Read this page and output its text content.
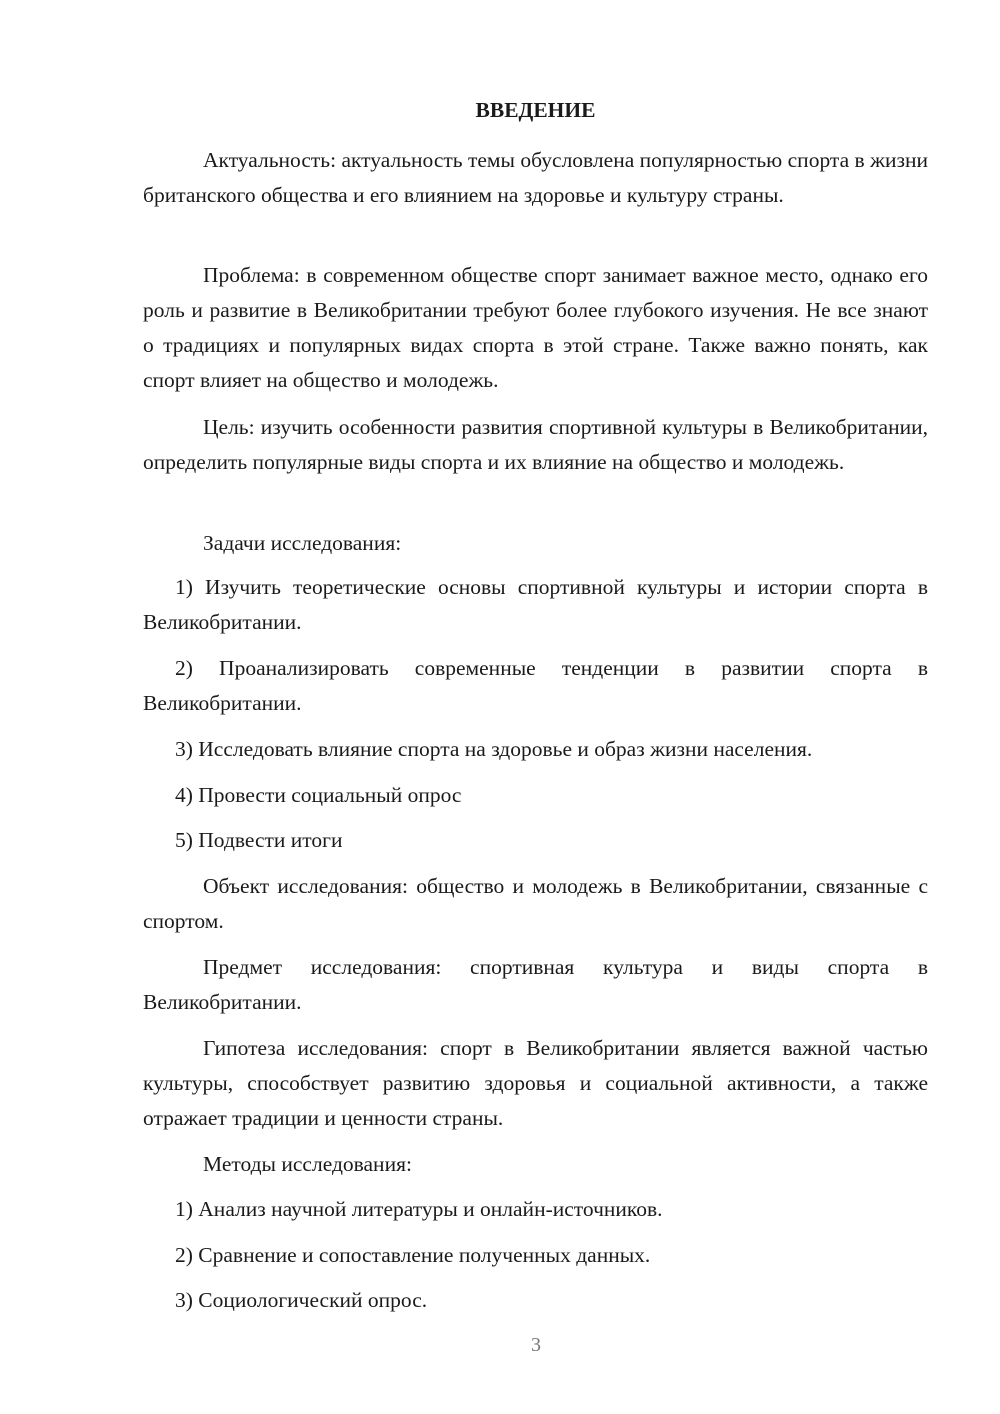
ВВЕДЕНИЕ

Актуальность: актуальность темы обусловлена популярностью спорта в жизни британского общества и его влиянием на здоровье и культуру страны.

Проблема: в современном обществе спорт занимает важное место, однако его роль и развитие в Великобритании требуют более глубокого изучения. Не все знают о традициях и популярных видах спорта в этой стране. Также важно понять, как спорт влияет на общество и молодежь.

Цель: изучить особенности развития спортивной культуры в Великобритании, определить популярные виды спорта и их влияние на общество и молодежь.

Задачи исследования:

1) Изучить теоретические основы спортивной культуры и истории спорта в Великобритании.

2) Проанализировать современные тенденции в развитии спорта в Великобритании.

3) Исследовать влияние спорта на здоровье и образ жизни населения.

4) Провести социальный опрос

5) Подвести итоги

Объект исследования: общество и молодежь в Великобритании, связанные с спортом.

Предмет исследования: спортивная культура и виды спорта в Великобритании.

Гипотеза исследования: спорт в Великобритании является важной частью культуры, способствует развитию здоровья и социальной активности, а также отражает традиции и ценности страны.

Методы исследования:

1) Анализ научной литературы и онлайн-источников.

2) Сравнение и сопоставление полученных данных.

3) Социологический опрос.

3
